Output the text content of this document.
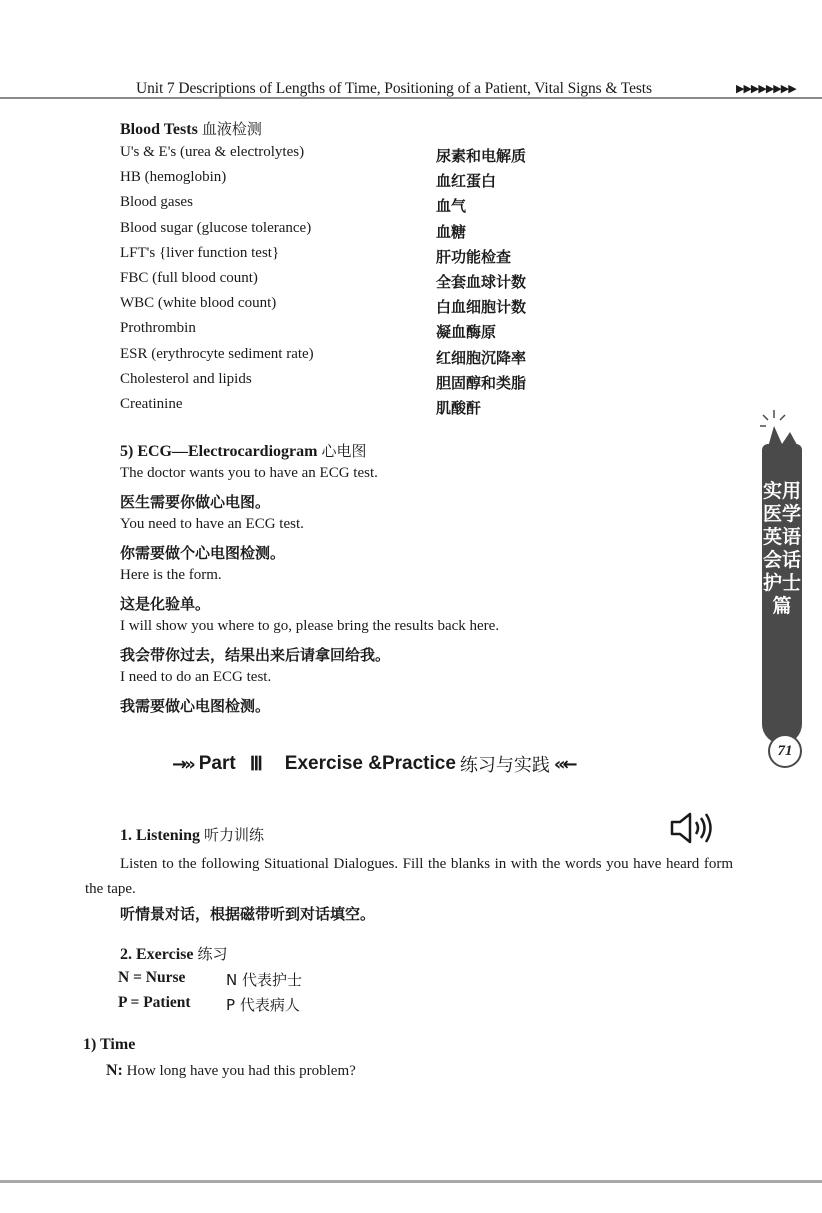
Unit 7 Descriptions of Lengths of Time, Positioning of a Patient, Vital Signs & Tests	▶▶▶▶▶▶▶▶
Blood Tests 血液检测
U's & E's (urea & electrolytes)	尿素和电解质
HB (hemoglobin)	血红蛋白
Blood gases	血气
Blood sugar (glucose tolerance)	血糖
LFT's {liver function test}	肝功能检查
FBC (full blood count)	全套血球计数
WBC (white blood count)	白血细胞计数
Prothrombin	凝血酶原
ESR (erythrocyte sediment rate)	红细胞沉降率
Cholesterol and lipids	胆固醇和类脂
Creatinine	肌酸酐
5) ECG—Electrocardiogram 心电图
The doctor wants you to have an ECG test.
医生需要你做心电图。
You need to have an ECG test.
你需要做个心电图检测。
Here is the form.
这是化验单。
I will show you where to go, please bring the results back here.
我会带你过去，结果出来后请拿回给我。
I need to do an ECG test.
我需要做心电图检测。
→» Part Ⅲ Exercise &Practice 练习与实践 «←
1. Listening 听力训练
Listen to the following Situational Dialogues. Fill the blanks in with the words you have heard form the tape.
听情景对话，根据磁带听到对话填空。
2. Exercise 练习
N = Nurse	N 代表护士
P = Patient P 代表病人
1) Time
N: How long have you had this problem?
实用医学英语会话 护士篇
71
